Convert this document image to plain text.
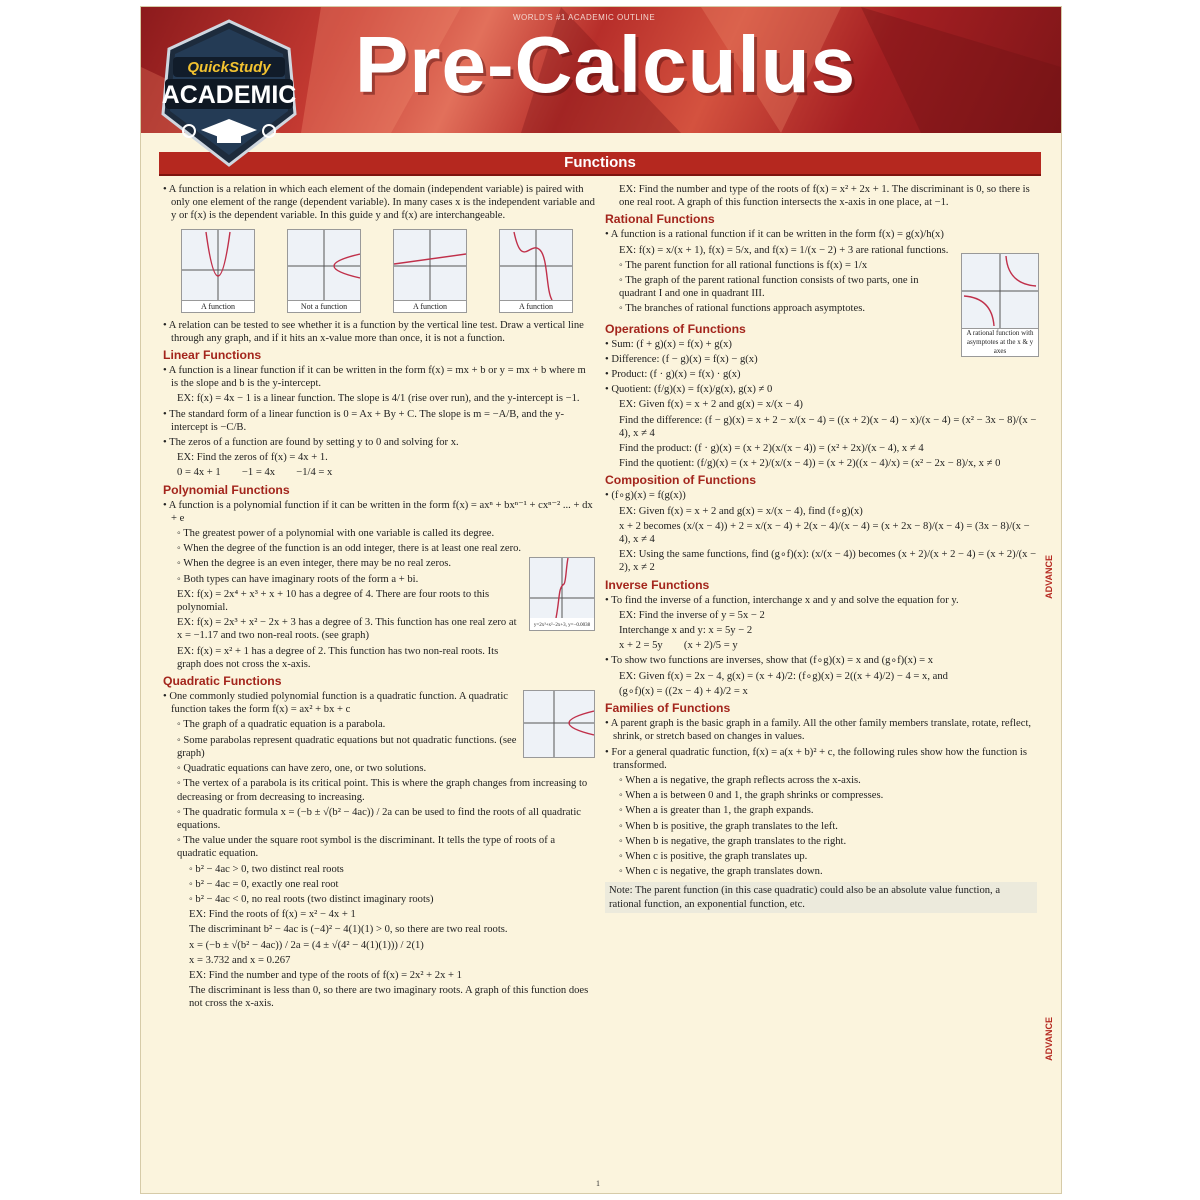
WORLD'S #1 ACADEMIC OUTLINE
Pre-Calculus
QuickStudy
ACADEMIC
Functions
• A function is a relation in which each element of the domain (independent variable) is paired with only one element of the range (dependent variable). In many cases x is the independent variable and y or f(x) is the dependent variable. In this guide y and f(x) are interchangeable.
A function	Not a function	A function	A function
• A relation can be tested to see whether it is a function by the vertical line test. Draw a vertical line through any graph, and if it hits an x-value more than once, it is not a function.
Linear Functions
• A function is a linear function if it can be written in the form f(x) = mx + b or y = mx + b where m is the slope and b is the y-intercept.
EX: f(x) = 4x − 1 is a linear function. The slope is 4/1 (rise over run), and the y-intercept is −1.
• The standard form of a linear function is 0 = Ax + By + C. The slope is m = −A/B, and the y-intercept is −C/B.
• The zeros of a function are found by setting y to 0 and solving for x.
EX: Find the zeros of f(x) = 4x + 1.
0 = 4x + 1        −1 = 4x        −1/4 = x
Polynomial Functions
• A function is a polynomial function if it can be written in the form f(x) = axⁿ + bxⁿ⁻¹ + cxⁿ⁻² ... + dx + e
◦ The greatest power of a polynomial with one variable is called its degree.
◦ When the degree of the function is an odd integer, there is at least one real zero.
y=2x³+x²−2x+3, y=−0.0038
◦ When the degree is an even integer, there may be no real zeros.
◦ Both types can have imaginary roots of the form a + bi.
EX: f(x) = 2x⁴ + x³ + x + 10 has a degree of 4. There are four roots to this polynomial.
EX: f(x) = 2x³ + x² − 2x + 3 has a degree of 3. This function has one real zero at x = −1.17 and two non-real roots. (see graph)
EX: f(x) = x² + 1 has a degree of 2. This function has two non-real roots. Its graph does not cross the x-axis.
Quadratic Functions
• One commonly studied polynomial function is a quadratic function. A quadratic function takes the form f(x) = ax² + bx + c
◦ The graph of a quadratic equation is a parabola.
◦ Some parabolas represent quadratic equations but not quadratic functions. (see graph)
◦ Quadratic equations can have zero, one, or two solutions.
◦ The vertex of a parabola is its critical point. This is where the graph changes from increasing to decreasing or from decreasing to increasing.
◦ The quadratic formula x = (−b ± √(b² − 4ac)) / 2a can be used to find the roots of all quadratic equations.
◦ The value under the square root symbol is the discriminant. It tells the type of roots of a quadratic equation.
◦ b² − 4ac > 0, two distinct real roots
◦ b² − 4ac = 0, exactly one real root
◦ b² − 4ac < 0, no real roots (two distinct imaginary roots)
EX: Find the roots of f(x) = x² − 4x + 1
The discriminant b² − 4ac is (−4)² − 4(1)(1) > 0, so there are two real roots.
x = (−b ± √(b² − 4ac)) / 2a = (4 ± √(4² − 4(1)(1))) / 2(1)
x = 3.732 and x = 0.267
EX: Find the number and type of the roots of f(x) = 2x² + 2x + 1
The discriminant is less than 0, so there are two imaginary roots. A graph of this function does not cross the x-axis.
EX: Find the number and type of the roots of f(x) = x² + 2x + 1. The discriminant is 0, so there is one real root. A graph of this function intersects the x-axis in one place, at −1.
Rational Functions
• A function is a rational function if it can be written in the form f(x) = g(x)/h(x)
EX: f(x) = x/(x + 1), f(x) = 5/x, and f(x) = 1/(x − 2) + 3 are rational functions.
A rational function with asymptotes at the x & y axes
◦ The parent function for all rational functions is f(x) = 1/x
◦ The graph of the parent rational function consists of two parts, one in quadrant I and one in quadrant III.
◦ The branches of rational functions approach asymptotes.
Operations of Functions
• Sum: (f + g)(x) = f(x) + g(x)
• Difference: (f − g)(x) = f(x) − g(x)
• Product: (f · g)(x) = f(x) · g(x)
• Quotient: (f/g)(x) = f(x)/g(x), g(x) ≠ 0
EX: Given f(x) = x + 2 and g(x) = x/(x − 4)
Find the difference: (f − g)(x) = x + 2 − x/(x − 4) = ((x + 2)(x − 4) − x)/(x − 4) = (x² − 3x − 8)/(x − 4), x ≠ 4
Find the product: (f · g)(x) = (x + 2)(x/(x − 4)) = (x² + 2x)/(x − 4), x ≠ 4
Find the quotient: (f/g)(x) = (x + 2)/(x/(x − 4)) = (x + 2)((x − 4)/x) = (x² − 2x − 8)/x, x ≠ 0
Composition of Functions
• (f∘g)(x) = f(g(x))
EX: Given f(x) = x + 2 and g(x) = x/(x − 4), find (f∘g)(x)
x + 2 becomes (x/(x − 4)) + 2 = x/(x − 4) + 2(x − 4)/(x − 4) = (x + 2x − 8)/(x − 4) = (3x − 8)/(x − 4), x ≠ 4
EX: Using the same functions, find (g∘f)(x): (x/(x − 4)) becomes (x + 2)/(x + 2 − 4) = (x + 2)/(x − 2), x ≠ 2
Inverse Functions
• To find the inverse of a function, interchange x and y and solve the equation for y.
EX: Find the inverse of y = 5x − 2
Interchange x and y: x = 5y − 2
x + 2 = 5y        (x + 2)/5 = y
• To show two functions are inverses, show that (f∘g)(x) = x and (g∘f)(x) = x
EX: Given f(x) = 2x − 4, g(x) = (x + 4)/2: (f∘g)(x) = 2((x + 4)/2) − 4 = x, and
(g∘f)(x) = ((2x − 4) + 4)/2 = x
Families of Functions
• A parent graph is the basic graph in a family. All the other family members translate, rotate, reflect, shrink, or stretch based on changes in values.
• For a general quadratic function, f(x) = a(x + b)² + c, the following rules show how the function is transformed.
◦ When a is negative, the graph reflects across the x-axis.
◦ When a is between 0 and 1, the graph shrinks or compresses.
◦ When a is greater than 1, the graph expands.
◦ When b is positive, the graph translates to the left.
◦ When b is negative, the graph translates to the right.
◦ When c is positive, the graph translates up.
◦ When c is negative, the graph translates down.
Note: The parent function (in this case quadratic) could also be an absolute value function, a rational function, an exponential function, etc.
ADVANCE
ADVANCE
1
